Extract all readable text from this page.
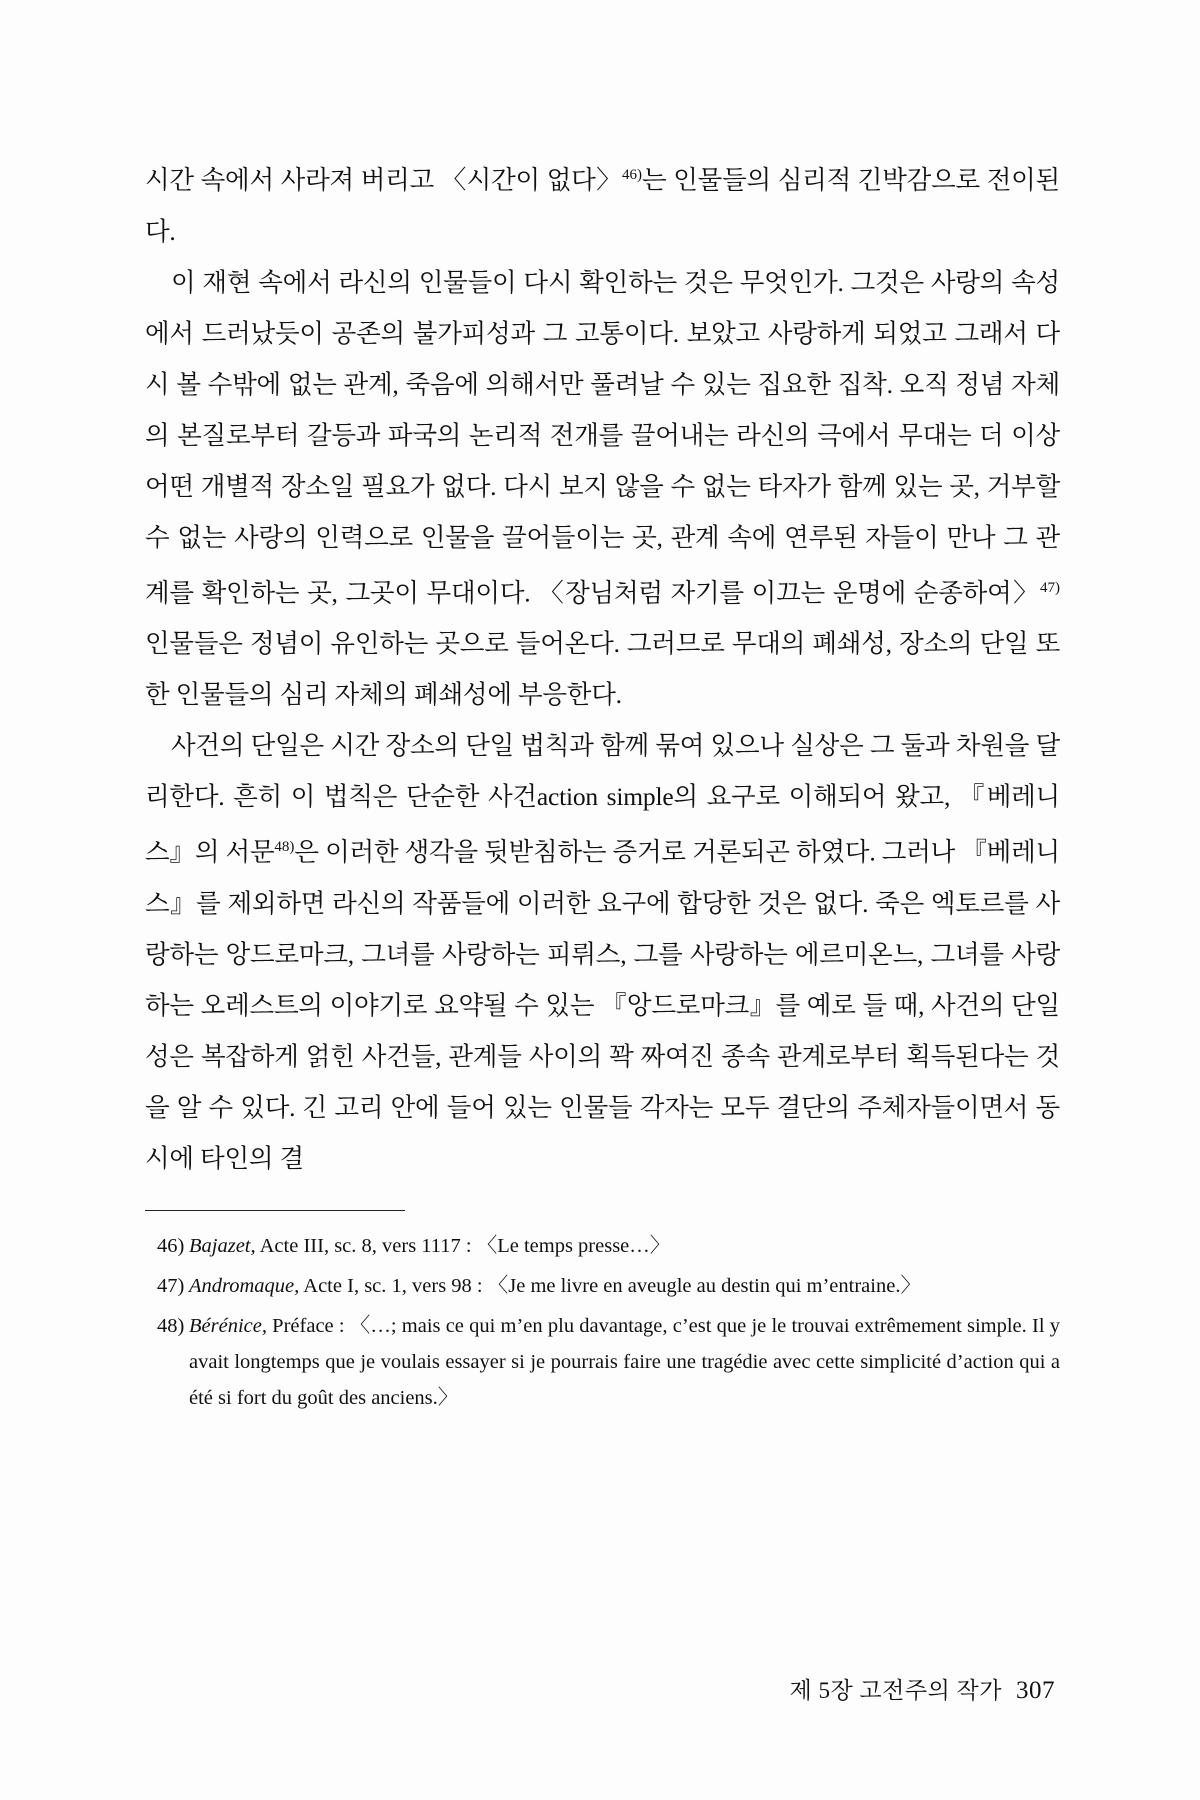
시간 속에서 사라져 버리고 〈시간이 없다〉$^{46)}$는 인물들의 심리적 긴박감으로 전이된다.

이 재현 속에서 라신의 인물들이 다시 확인하는 것은 무엇인가. 그것은 사랑의 속성에서 드러났듯이 공존의 불가피성과 그 고통이다. 보았고 사랑하게 되었고 그래서 다시 볼 수밖에 없는 관계, 죽음에 의해서만 풀려날 수 있는 집요한 집착. 오직 정념 자체의 본질로부터 갈등과 파국의 논리적 전개를 끌어내는 라신의 극에서 무대는 더 이상 어떤 개별적 장소일 필요가 없다. 다시 보지 않을 수 없는 타자가 함께 있는 곳, 거부할 수 없는 사랑의 인력으로 인물을 끌어들이는 곳, 관계 속에 연루된 자들이 만나 그 관계를 확인하는 곳, 그곳이 무대이다. 〈장님처럼 자기를 이끄는 운명에 순종하여〉$^{47)}$ 인물들은 정념이 유인하는 곳으로 들어온다. 그러므로 무대의 폐쇄성, 장소의 단일 또한 인물들의 심리 자체의 폐쇄성에 부응한다.

사건의 단일은 시간 장소의 단일 법칙과 함께 묶여 있으나 실상은 그 둘과 차원을 달리한다. 흔히 이 법칙은 단순한 사건action simple의 요구로 이해되어 왔고, 『베레니스』의 서문$^{48)}$은 이러한 생각을 뒷받침하는 증거로 거론되곤 하였다. 그러나 『베레니스』를 제외하면 라신의 작품들에 이러한 요구에 합당한 것은 없다. 죽은 엑토르를 사랑하는 앙드로마크, 그녀를 사랑하는 피뤼스, 그를 사랑하는 에르미온느, 그녀를 사랑하는 오레스트의 이야기로 요약될 수 있는 『앙드로마크』를 예로 들 때, 사건의 단일성은 복잡하게 얽힌 사건들, 관계들 사이의 꽉 짜여진 종속 관계로부터 획득된다는 것을 알 수 있다. 긴 고리 안에 들어 있는 인물들 각자는 모두 결단의 주체자들이면서 동시에 타인의 결

46) Bajazet, Acte III, sc. 8, vers 1117 : 〈Le temps presse…〉
47) Andromaque, Acte I, sc. 1, vers 98 : 〈Je me livre en aveugle au destin qui m’entraine.〉
48) Bérénice, Préface : 〈…; mais ce qui m’en plu davantage, c’est que je le trouvai extrêmement simple. Il y avait longtemps que je voulais essayer si je pourrais faire une tragédie avec cette simplicité d’action qui a été si fort du goût des anciens.〉
제 5장 고전주의 작가 307
